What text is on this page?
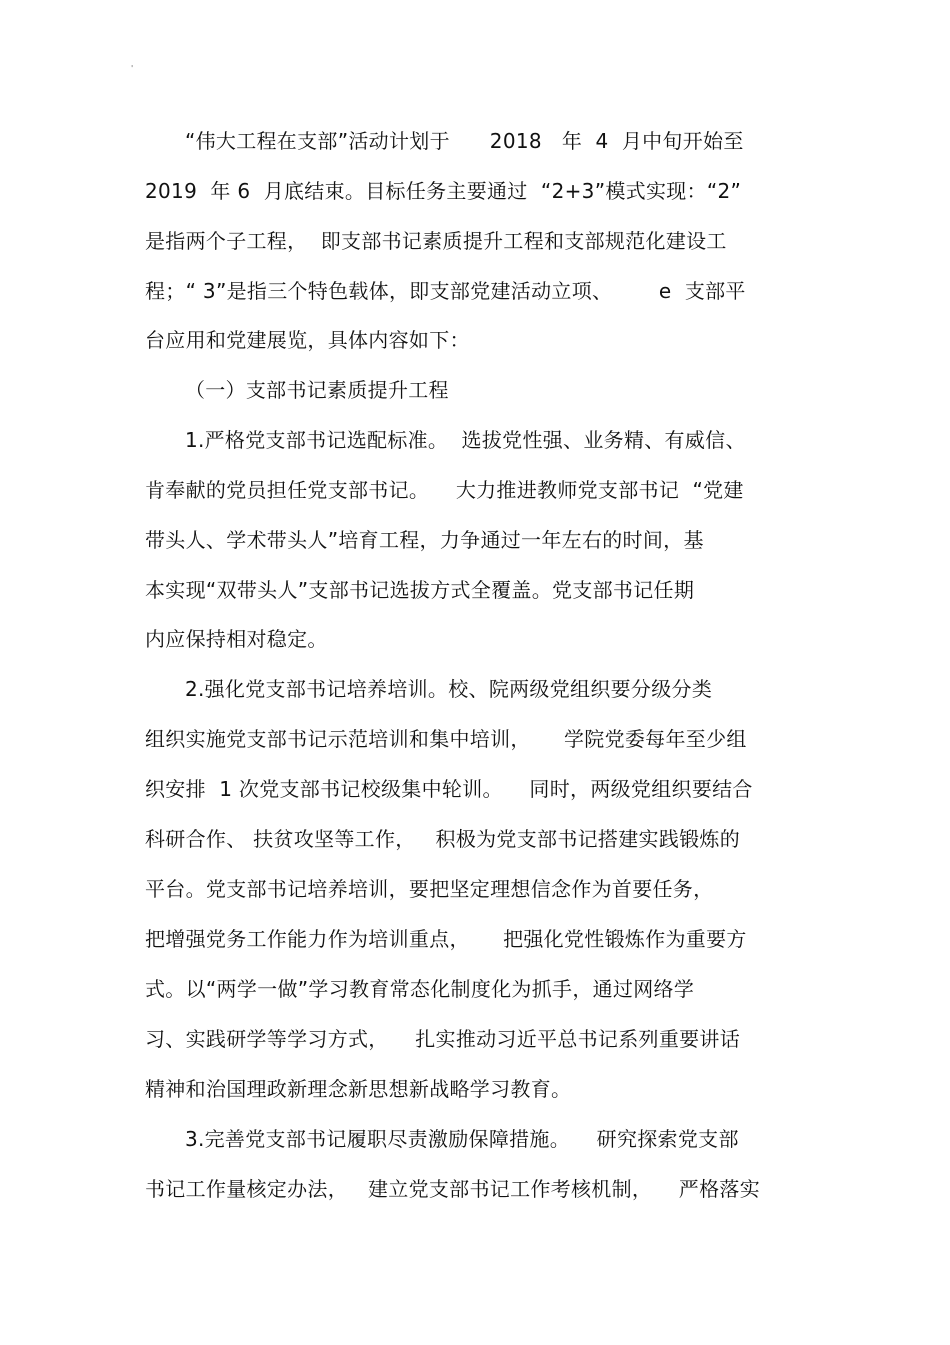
'
“伟大工程在支部”活动计划于      2018   年  4  月中旬开始至
2019  年 6  月底结束。目标任务主要通过  “2+3”模式实现：“2”
是指两个子工程，  即支部书记素质提升工程和支部规范化建设工
程；“ 3”是指三个特色载体，即支部党建活动立项、       e  支部平
台应用和党建展览，具体内容如下：
（一）支部书记素质提升工程
1.严格党支部书记选配标准。  选拔党性强、业务精、有威信、
肯奉献的党员担任党支部书记。    大力推进教师党支部书记  “党建
带头人、学术带头人”培育工程，力争通过一年左右的时间，基
本实现“双带头人”支部书记选拔方式全覆盖。党支部书记任期
内应保持相对稳定。
2.强化党支部书记培养培训。校、院两级党组织要分级分类
组织实施党支部书记示范培训和集中培训，     学院党委每年至少组
织安排  1 次党支部书记校级集中轮训。    同时，两级党组织要结合
科研合作、 扶贫攻坚等工作，   积极为党支部书记搭建实践锻炼的
平台。党支部书记培养培训，要把坚定理想信念作为首要任务，
把增强党务工作能力作为培训重点，     把强化党性锻炼作为重要方
式。以“两学一做”学习教育常态化制度化为抓手，通过网络学
习、实践研学等学习方式，    扎实推动习近平总书记系列重要讲话
精神和治国理政新理念新思想新战略学习教育。
3.完善党支部书记履职尽责激励保障措施。    研究探索党支部
书记工作量核定办法，   建立党支部书记工作考核机制，    严格落实
